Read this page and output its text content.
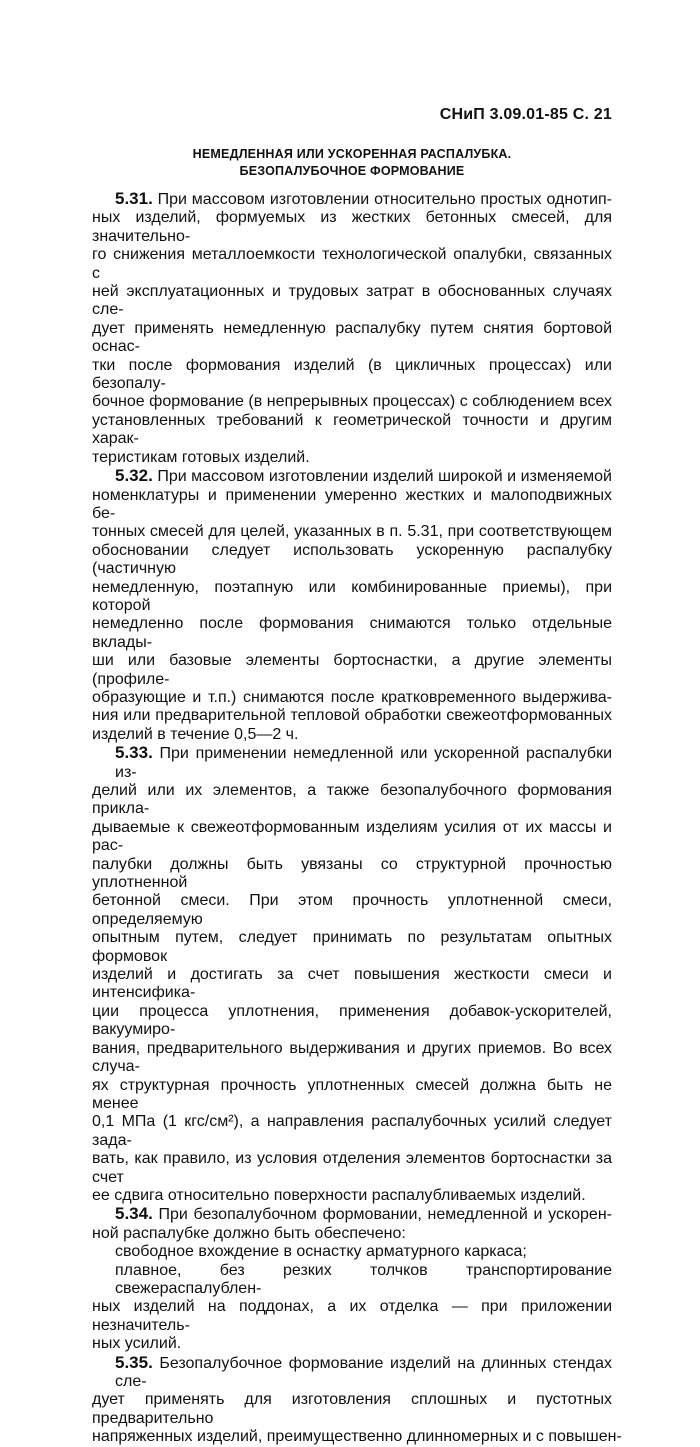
СНиП 3.09.01-85 С. 21
НЕМЕДЛЕННАЯ ИЛИ УСКОРЕННАЯ РАСПАЛУБКА.
БЕЗОПАЛУБОЧНОЕ ФОРМОВАНИЕ
5.31. При массовом изготовлении относительно простых однотип-
ных изделий, формуемых из жестких бетонных смесей, для значительно-
го снижения металлоемкости технологической опалубки, связанных с
ней эксплуатационных и трудовых затрат в обоснованных случаях сле-
дует применять немедленную распалубку путем снятия бортовой оснас-
тки после формования изделий (в цикличных процессах) или безопалу-
бочное формование (в непрерывных процессах) с соблюдением всех
установленных требований к геометрической точности и другим харак-
теристикам готовых изделий.
5.32. При массовом изготовлении изделий широкой и изменяемой
номенклатуры и применении умеренно жестких и малоподвижных бе-
тонных смесей для целей, указанных в п. 5.31, при соответствующем
обосновании следует использовать ускоренную распалубку (частичную
немедленную, поэтапную или комбинированные приемы), при которой
немедленно после формования снимаются только отдельные вклады-
ши или базовые элементы бортоснастки, а другие элементы (профиле-
образующие и т.п.) снимаются после кратковременного выдержива-
ния или предварительной тепловой обработки свежеотформованных
изделий в течение 0,5—2 ч.
5.33. При применении немедленной или ускоренной распалубки из-
делий или их элементов, а также безопалубочного формования прикла-
дываемые к свежеотформованным изделиям усилия от их массы и рас-
палубки должны быть увязаны со структурной прочностью уплотненной
бетонной смеси. При этом прочность уплотненной смеси, определяемую
опытным путем, следует принимать по результатам опытных формовок
изделий и достигать за счет повышения жесткости смеси и интенсифика-
ции процесса уплотнения, применения добавок-ускорителей, вакуумиро-
вания, предварительного выдерживания и других приемов. Во всех случа-
ях структурная прочность уплотненных смесей должна быть не менее
0,1 МПа (1 кгс/см²), а направления распалубочных усилий следует зада-
вать, как правило, из условия отделения элементов бортоснастки за счет
ее сдвига относительно поверхности распалубливаемых изделий.
5.34. При безопалубочном формовании, немедленной и ускорен-
ной распалубке должно быть обеспечено:
свободное вхождение в оснастку арматурного каркаса;
плавное, без резких толчков транспортирование свежераспалублен-
ных изделий на поддонах, а их отделка — при приложении незначитель-
ных усилий.
5.35. Безопалубочное формование изделий на длинных стендах сле-
дует применять для изготовления сплошных и пустотных предварительно
напряженных изделий, преимущественно длинномерных и с повышен-
